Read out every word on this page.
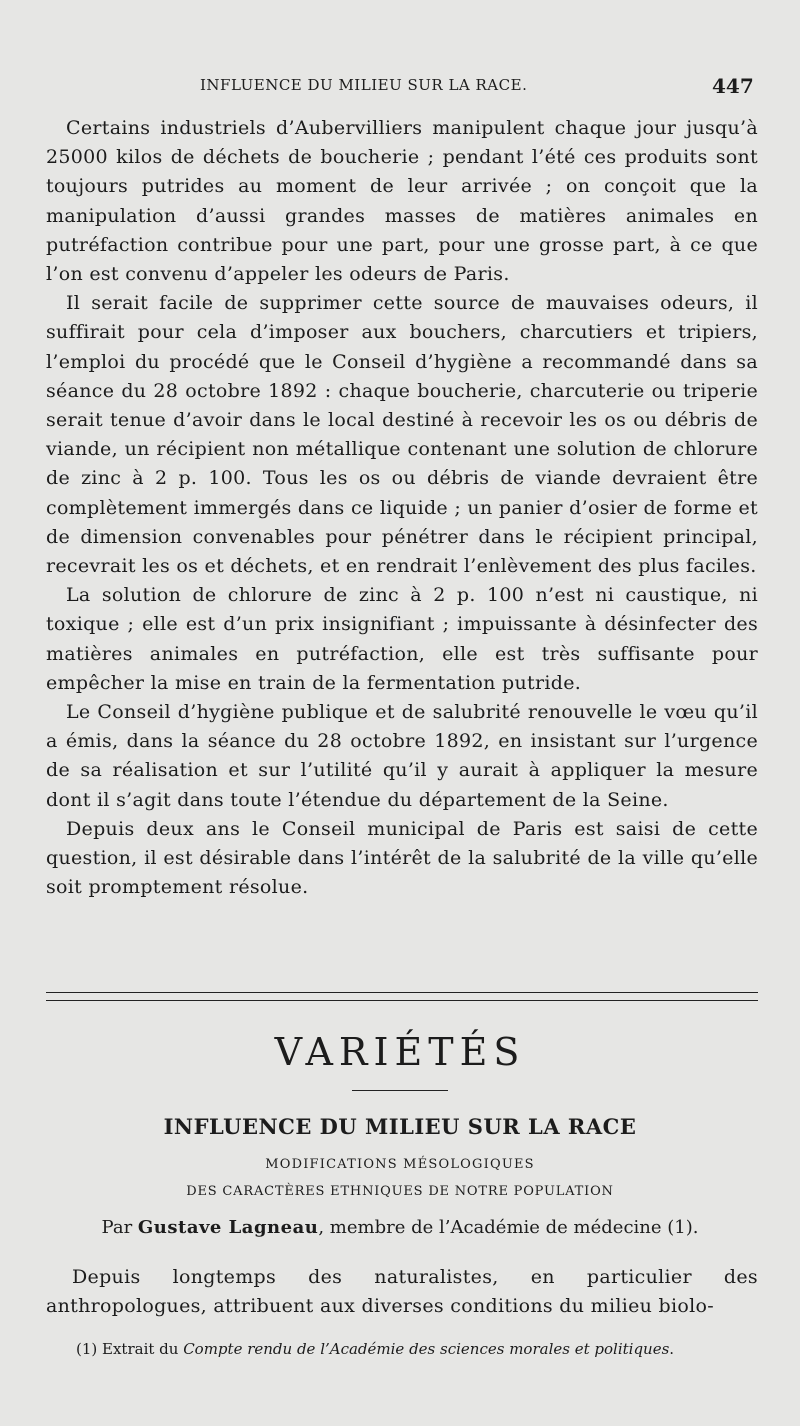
INFLUENCE DU MILIEU SUR LA RACE.	447

Certains industriels d’Aubervilliers manipulent chaque jour jusqu’à 25000 kilos de déchets de boucherie ; pendant l’été ces produits sont toujours putrides au moment de leur arrivée ; on conçoit que la manipulation d’aussi grandes masses de matières animales en putréfaction contribue pour une part, pour une grosse part, à ce que l’on est convenu d’appeler les odeurs de Paris.

Il serait facile de supprimer cette source de mauvaises odeurs, il suffirait pour cela d’imposer aux bouchers, charcutiers et tripiers, l’emploi du procédé que le Conseil d’hygiène a recommandé dans sa séance du 28 octobre 1892 : chaque boucherie, charcuterie ou triperie serait tenue d’avoir dans le local destiné à recevoir les os ou débris de viande, un récipient non métallique contenant une solution de chlorure de zinc à 2 p. 100. Tous les os ou débris de viande devraient être complètement immergés dans ce liquide ; un panier d’osier de forme et de dimension convenables pour pénétrer dans le récipient principal, recevrait les os et déchets, et en rendrait l’enlèvement des plus faciles.

La solution de chlorure de zinc à 2 p. 100 n’est ni caustique, ni toxique ; elle est d’un prix insignifiant ; impuissante à désinfecter des matières animales en putréfaction, elle est très suffisante pour empêcher la mise en train de la fermentation putride.

Le Conseil d’hygiène publique et de salubrité renouvelle le vœu qu’il a émis, dans la séance du 28 octobre 1892, en insistant sur l’urgence de sa réalisation et sur l’utilité qu’il y aurait à appliquer la mesure dont il s’agit dans toute l’étendue du département de la Seine.

Depuis deux ans le Conseil municipal de Paris est saisi de cette question, il est désirable dans l’intérêt de la salubrité de la ville qu’elle soit promptement résolue.

VARIÉTÉS
INFLUENCE DU MILIEU SUR LA RACE
MODIFICATIONS MÉSOLOGIQUES
DES CARACTÈRES ETHNIQUES DE NOTRE POPULATION
Par Gustave Lagneau, membre de l’Académie de médecine (1).

Depuis longtemps des naturalistes, en particulier des anthropologues, attribuent aux diverses conditions du milieu biolo-

(1) Extrait du Compte rendu de l’Académie des sciences morales et politiques.
